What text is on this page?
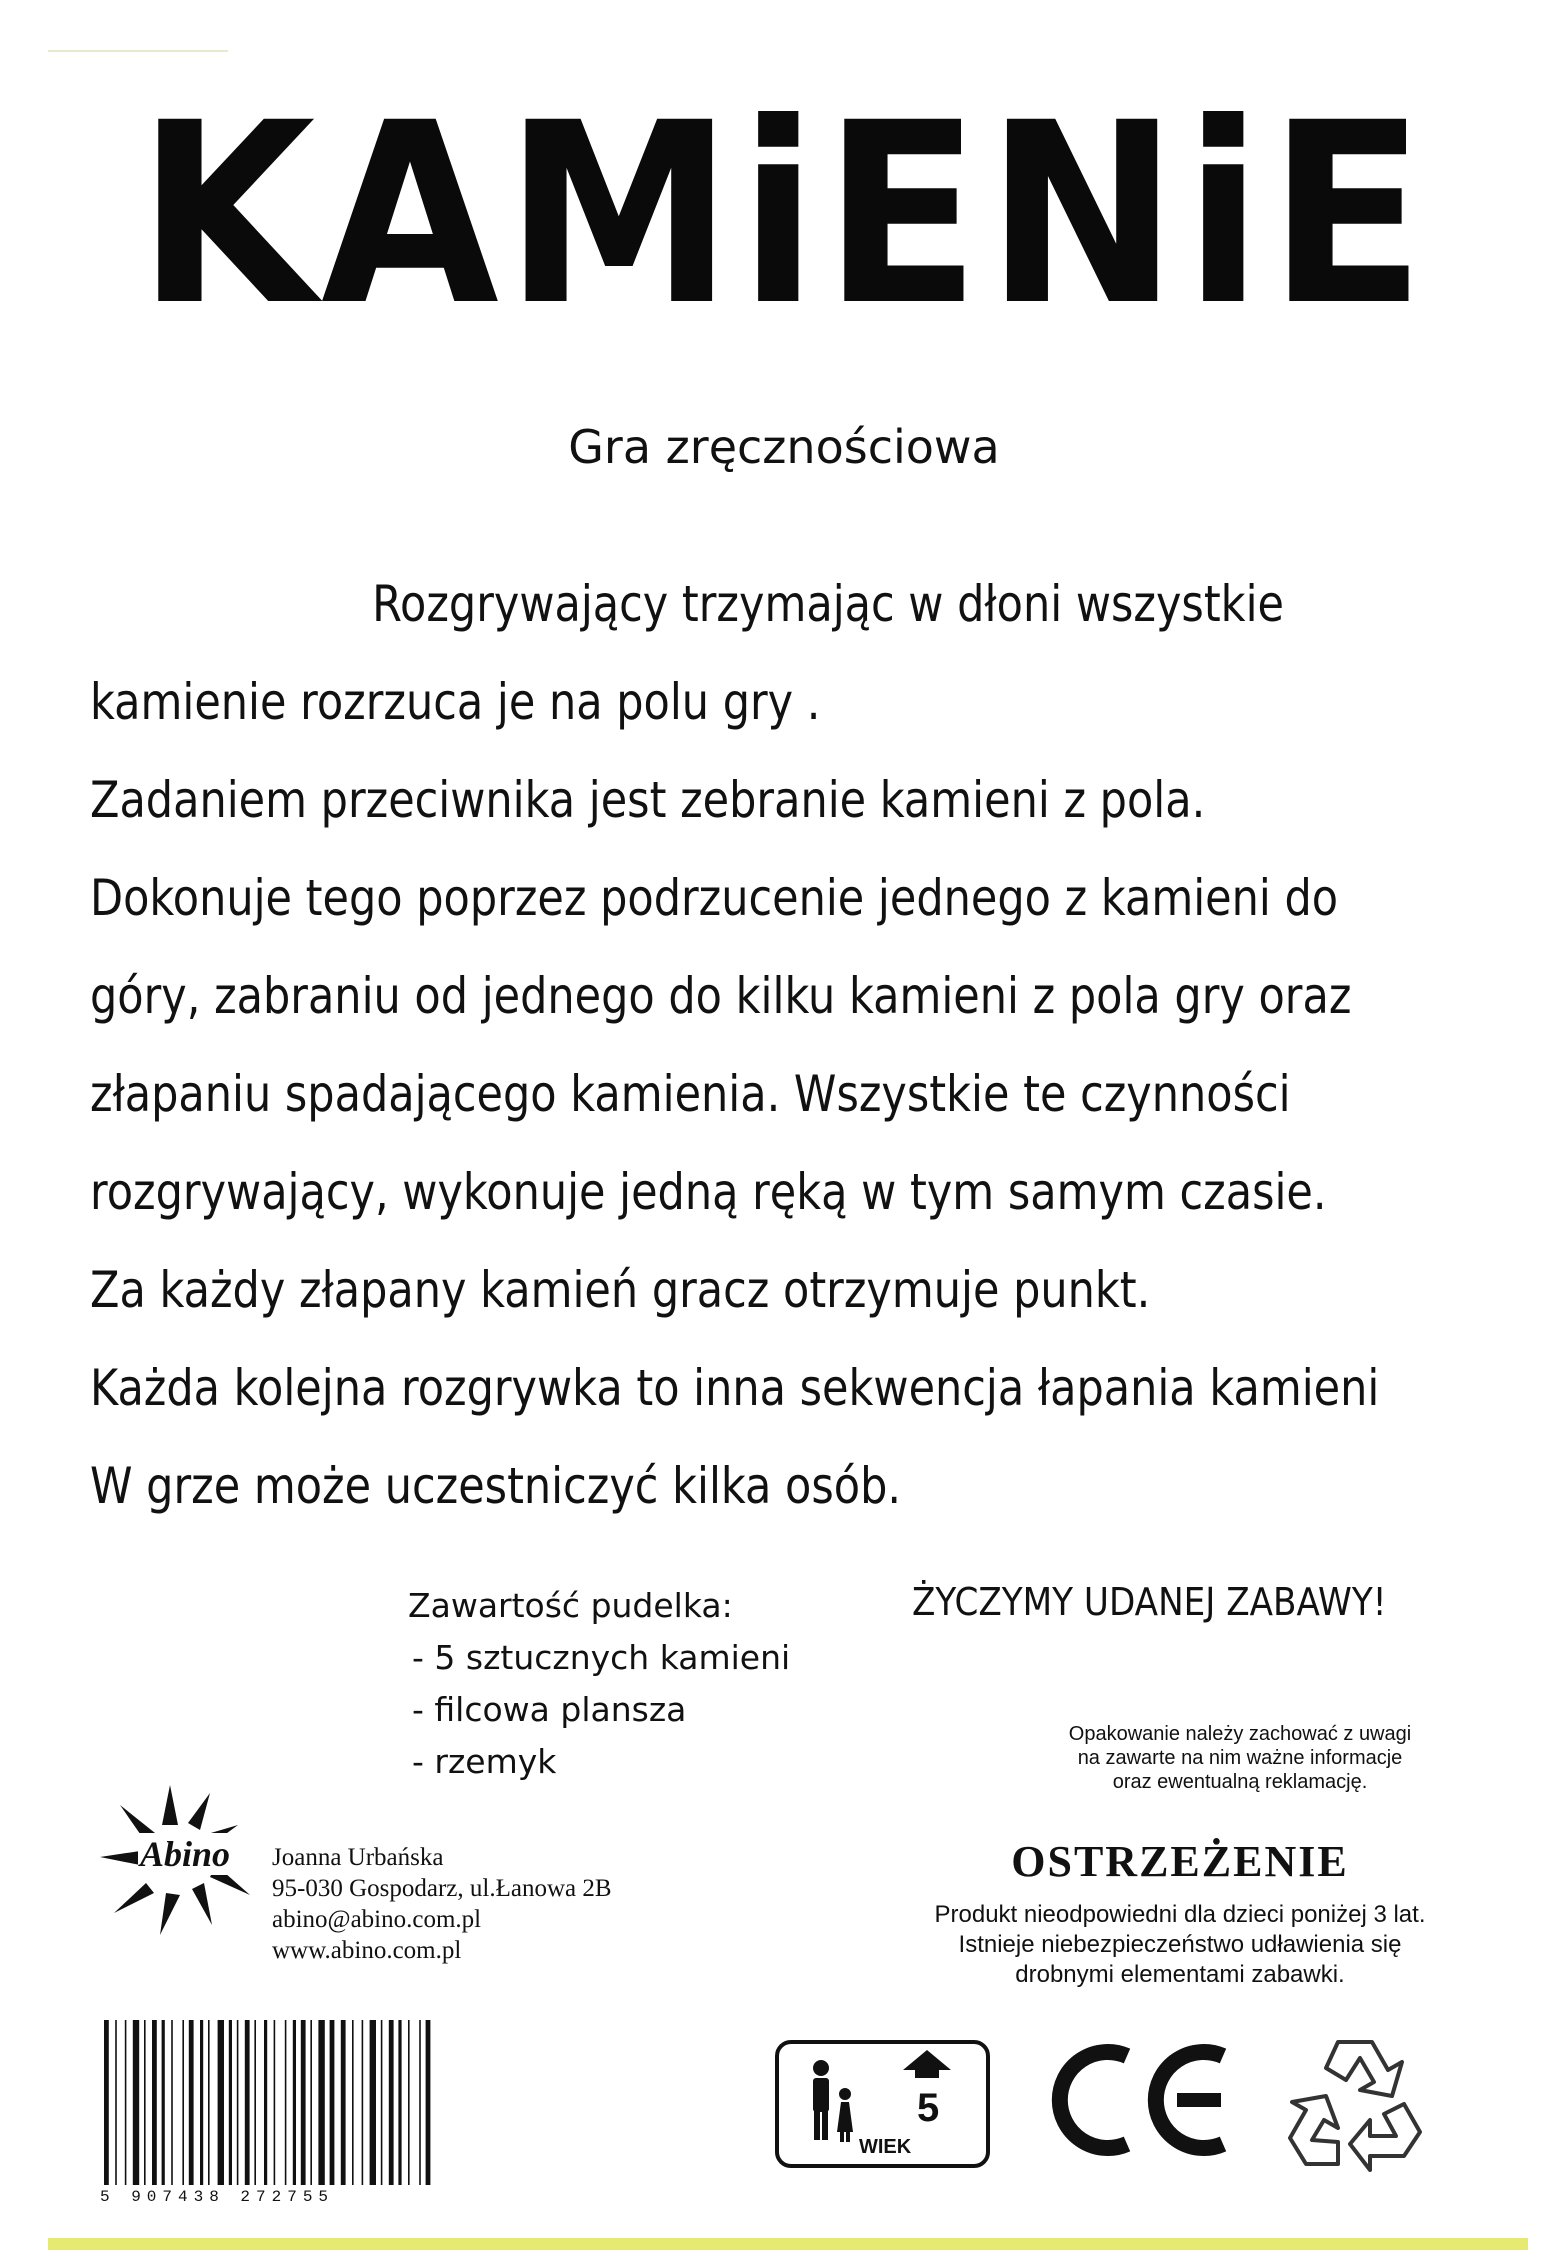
KAMiENiE
Gra zręcznościowa
Rozgrywający trzymając w dłoni wszystkie
kamienie rozrzuca je na polu gry .
Zadaniem przeciwnika jest zebranie kamieni z pola.
Dokonuje tego poprzez podrzucenie jednego z kamieni do
góry, zabraniu od jednego do kilku kamieni z pola gry oraz
złapaniu spadającego kamienia. Wszystkie te czynności
rozgrywający, wykonuje jedną ręką w tym samym czasie.
Za każdy złapany kamień gracz otrzymuje punkt.
Każda kolejna rozgrywka to inna sekwencja łapania kamieni
W grze może uczestniczyć kilka osób.
Zawartość pudelka:
- 5 sztucznych kamieni
- filcowa plansza
- rzemyk
ŻYCZYMY UDANEJ ZABAWY!
Opakowanie należy zachować z uwagi
na zawarte na nim ważne informacje
oraz ewentualną reklamację.
OSTRZEŻENIE
Produkt nieodpowiedni dla dzieci poniżej 3 lat.
Istnieje niebezpieczeństwo udławienia się
drobnymi elementami zabawki.
Abino Joanna Urbańska
95-030 Gospodarz, ul.Łanowa 2B
abino@abino.com.pl
www.abino.com.pl
5 907438 272755
5
WIEK
